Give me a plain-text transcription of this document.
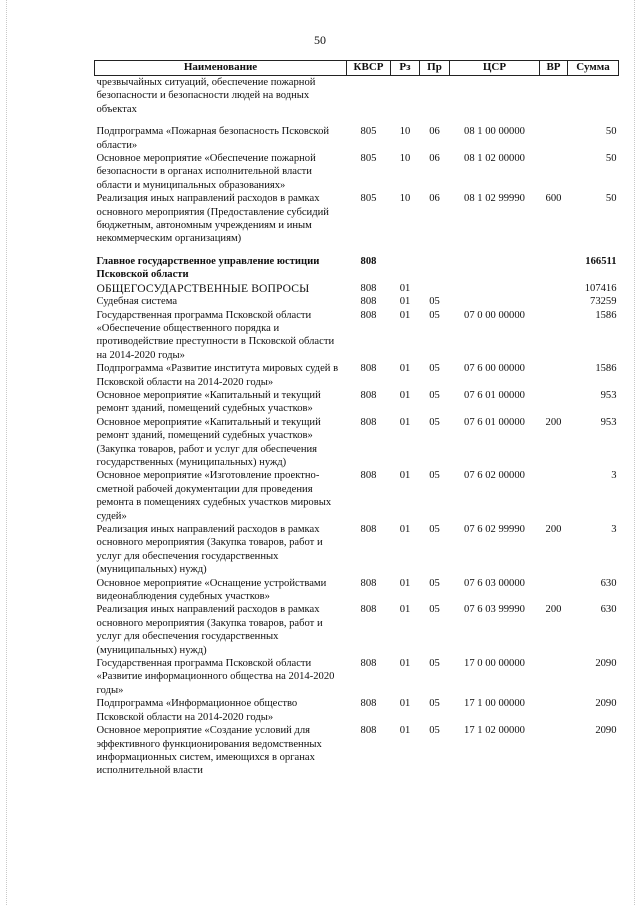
50
Наименование	КВСР	Рз	Пр	ЦСР	ВР	Сумма
чрезвычайных ситуаций, обеспечение пожарной безопасности и безопасности людей на водных объектах						
Подпрограмма «Пожарная безопасность Псковской области»	805	10	06	08 1 00 00000		50
Основное мероприятие «Обеспечение пожарной безопасности в органах исполнительной власти области и муниципальных образованиях»	805	10	06	08 1 02 00000		50
Реализация иных направлений расходов в рамках основного мероприятия (Предоставление субсидий бюджетным, автономным учреждениям и иным некоммерческим организациям)	805	10	06	08 1 02 99990	600	50
Главное государственное управление юстиции Псковской области	808					166511
ОБЩЕГОСУДАРСТВЕННЫЕ ВОПРОСЫ	808	01				107416
Судебная система	808	01	05			73259
Государственная программа Псковской области «Обеспечение общественного порядка и противодействие преступности в Псковской области на 2014-2020 годы»	808	01	05	07 0 00 00000		1586
Подпрограмма «Развитие института мировых судей в Псковской области на 2014-2020 годы»	808	01	05	07 6 00 00000		1586
Основное мероприятие «Капитальный и текущий ремонт зданий, помещений судебных участков»	808	01	05	07 6 01 00000		953
Основное мероприятие «Капитальный и текущий ремонт зданий, помещений судебных участков» (Закупка товаров, работ и услуг для обеспечения государственных (муниципальных) нужд)	808	01	05	07 6 01 00000	200	953
Основное мероприятие «Изготовление проектно-сметной рабочей документации для проведения ремонта в помещениях судебных участков мировых судей»	808	01	05	07 6 02 00000		3
Реализация иных направлений расходов в рамках основного мероприятия (Закупка товаров, работ и услуг для обеспечения государственных (муниципальных) нужд)	808	01	05	07 6 02 99990	200	3
Основное мероприятие «Оснащение устройствами видеонаблюдения судебных участков»	808	01	05	07 6 03 00000		630
Реализация иных направлений расходов в рамках основного мероприятия (Закупка товаров, работ и услуг для обеспечения государственных (муниципальных) нужд)	808	01	05	07 6 03 99990	200	630
Государственная программа Псковской области «Развитие информационного общества на 2014-2020 годы»	808	01	05	17 0 00 00000		2090
Подпрограмма «Информационное общество Псковской области на 2014-2020 годы»	808	01	05	17 1 00 00000		2090
Основное мероприятие «Создание условий для эффективного функционирования ведомственных информационных систем, имеющихся в органах исполнительной власти	808	01	05	17 1 02 00000		2090
